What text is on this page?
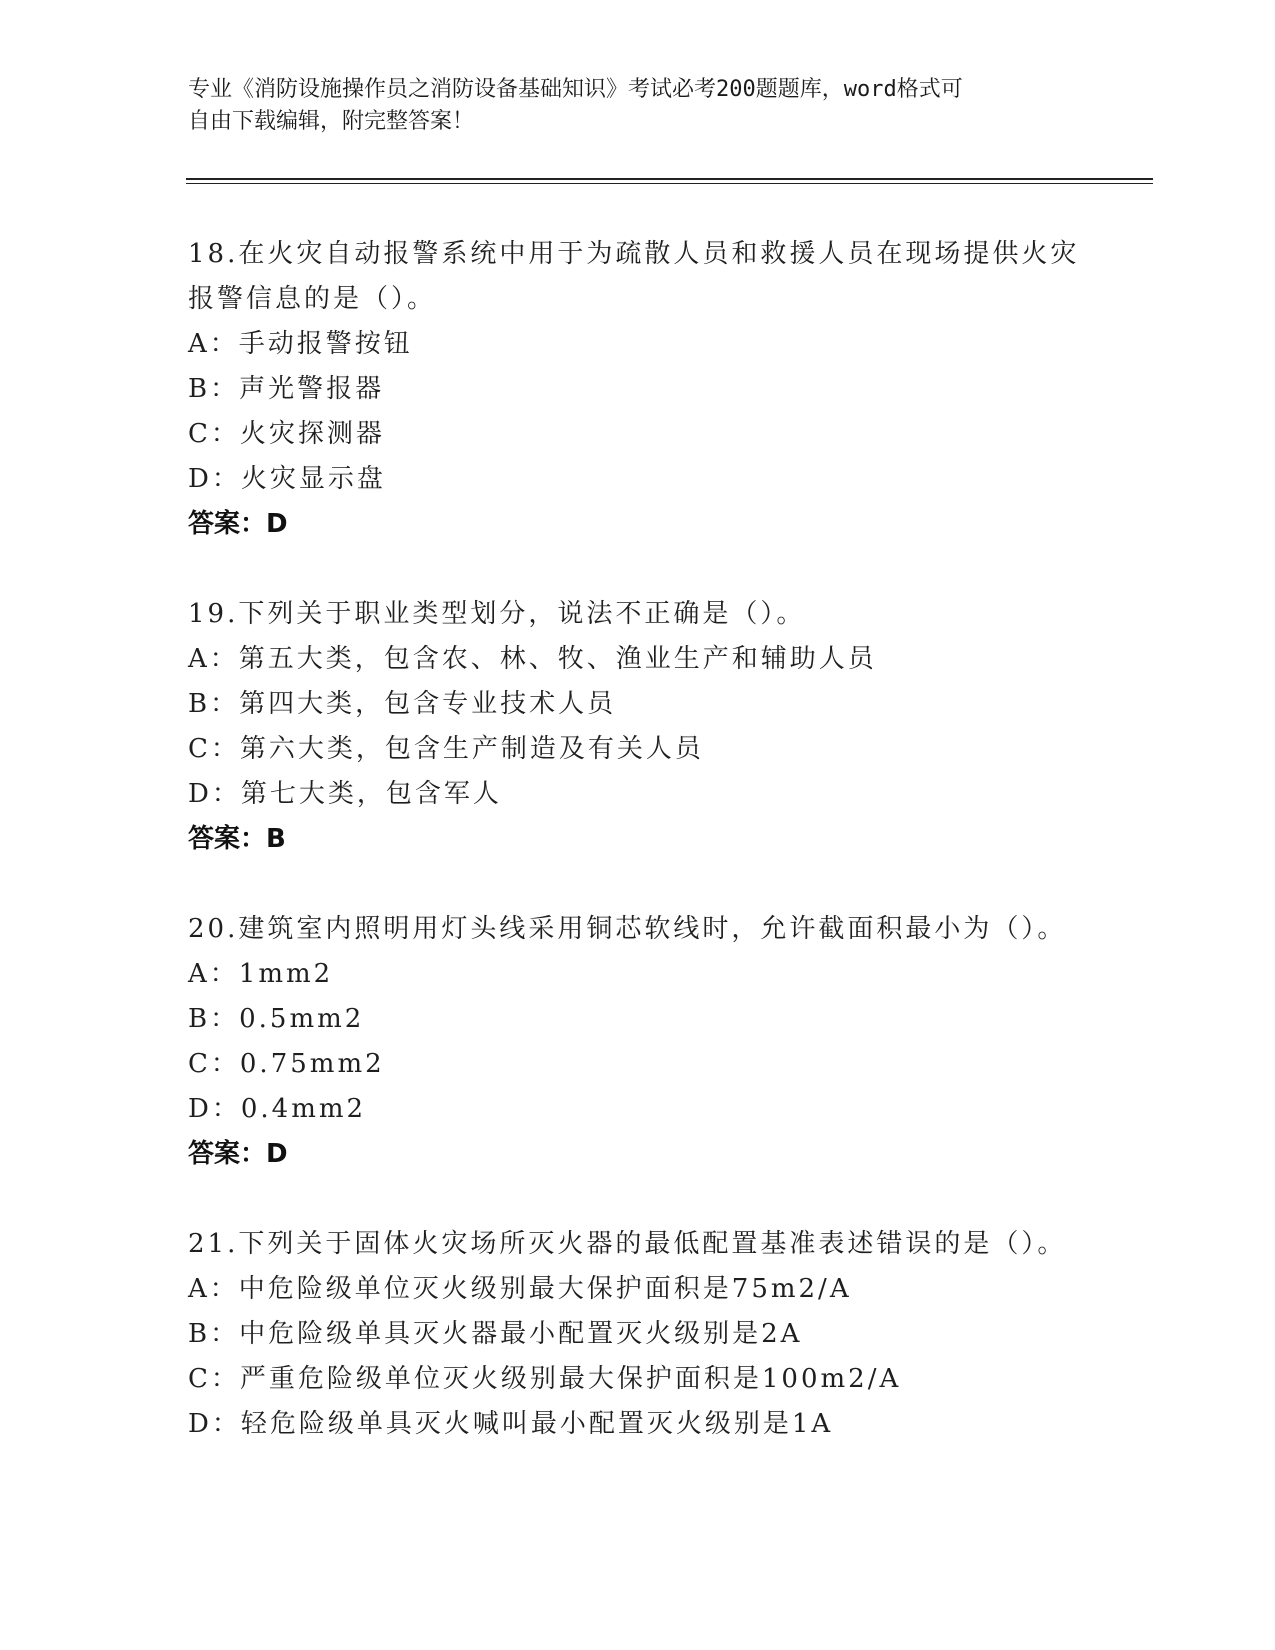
专业《消防设施操作员之消防设备基础知识》考试必考200题题库，word格式可
自由下载编辑，附完整答案！
18.在火灾自动报警系统中用于为疏散人员和救援人员在现场提供火灾
报警信息的是（）。
A：手动报警按钮
B：声光警报器
C：火灾探测器
D：火灾显示盘
答案：D
19.下列关于职业类型划分，说法不正确是（）。
A：第五大类，包含农、林、牧、渔业生产和辅助人员
B：第四大类，包含专业技术人员
C：第六大类，包含生产制造及有关人员
D：第七大类，包含军人
答案：B
20.建筑室内照明用灯头线采用铜芯软线时，允许截面积最小为（）。
A：1mm2
B：0.5mm2
C：0.75mm2
D：0.4mm2
答案：D
21.下列关于固体火灾场所灭火器的最低配置基准表述错误的是（）。
A：中危险级单位灭火级别最大保护面积是75m2/A
B：中危险级单具灭火器最小配置灭火级别是2A
C：严重危险级单位灭火级别最大保护面积是100m2/A
D：轻危险级单具灭火喊叫最小配置灭火级别是1A
